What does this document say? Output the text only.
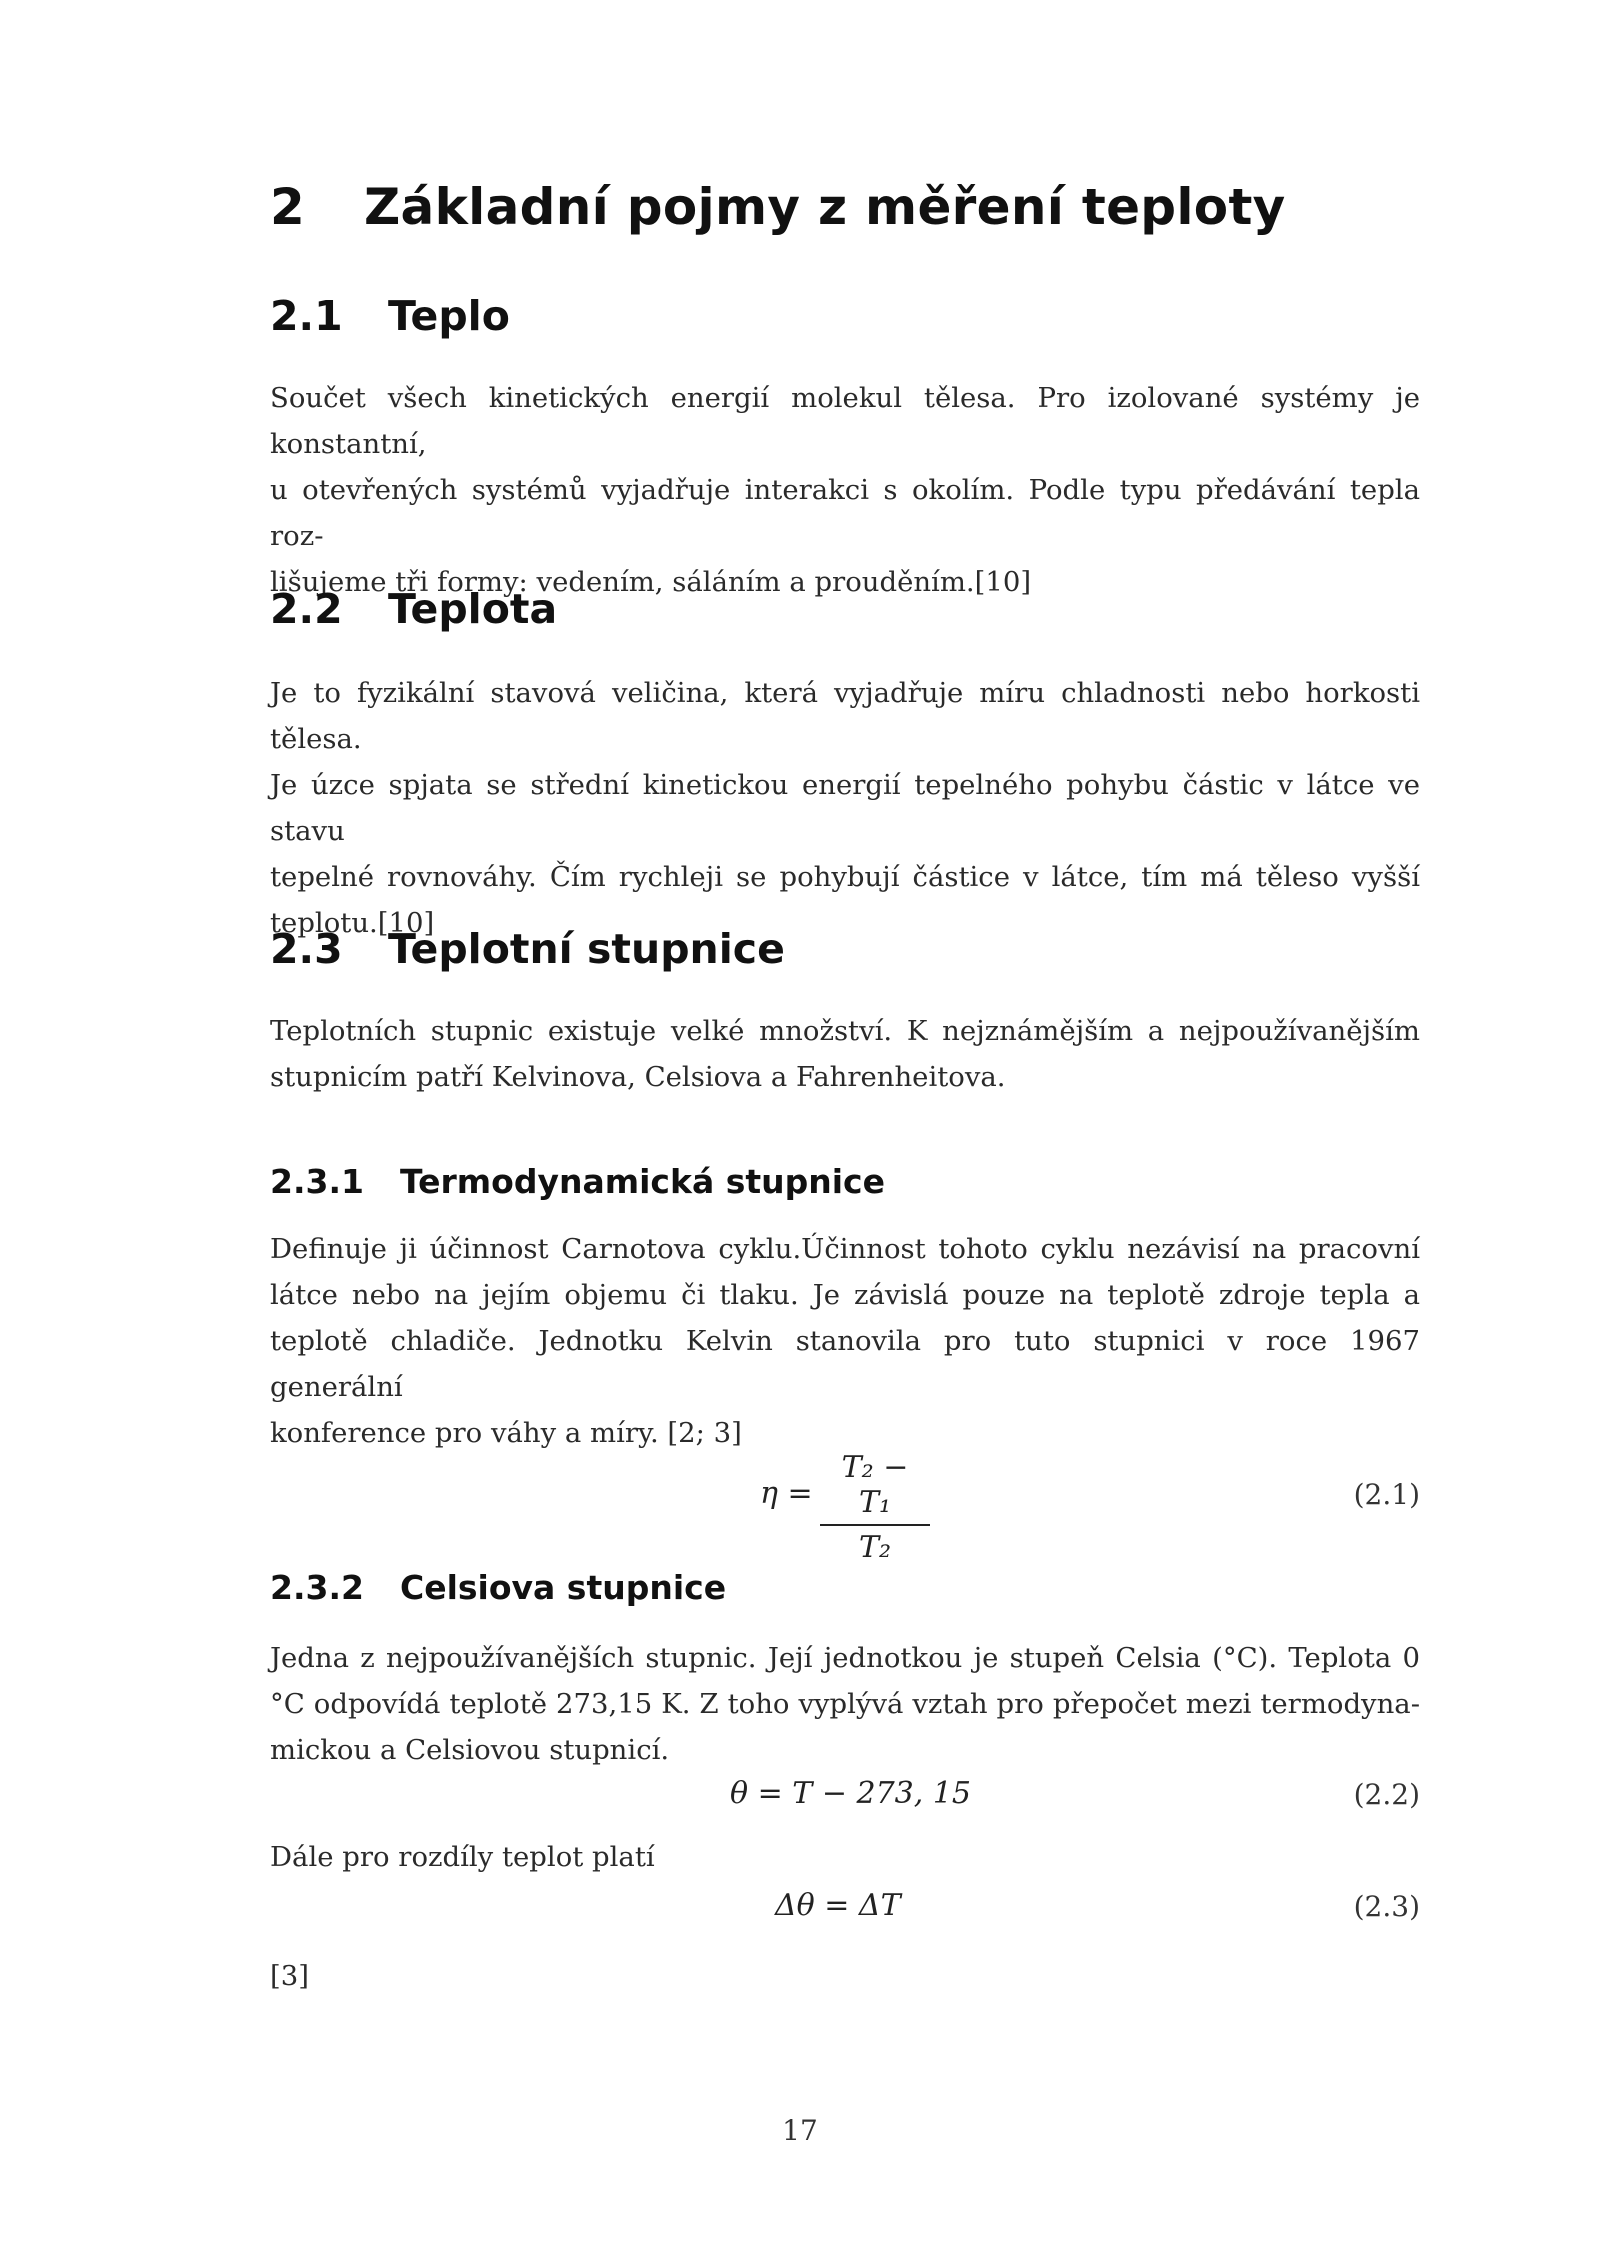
2 Základní pojmy z měření teploty
2.1 Teplo
Součet všech kinetických energií molekul tělesa. Pro izolované systémy je konstantní,
u otevřených systémů vyjadřuje interakci s okolím. Podle typu předávání tepla roz-
lišujeme tři formy: vedením, sáláním a prouděním.[10]
2.2 Teplota
Je to fyzikální stavová veličina, která vyjadřuje míru chladnosti nebo horkosti tělesa.
Je úzce spjata se střední kinetickou energií tepelného pohybu částic v látce ve stavu
tepelné rovnováhy. Čím rychleji se pohybují částice v látce, tím má těleso vyšší
teplotu.[10]
2.3 Teplotní stupnice
Teplotních stupnic existuje velké množství. K nejznámějším a nejpoužívanějším
stupnicím patří Kelvinova, Celsiova a Fahrenheitova.
2.3.1 Termodynamická stupnice
Definuje ji účinnost Carnotova cyklu.Účinnost tohoto cyklu nezávisí na pracovní
látce nebo na jejím objemu či tlaku. Je závislá pouze na teplotě zdroje tepla a
teplotě chladiče. Jednotku Kelvin stanovila pro tuto stupnici v roce 1967 generální
konference pro váhy a míry. [2; 3]
η =
T₂ − T₁
T₂
(2.1)
2.3.2 Celsiova stupnice
Jedna z nejpoužívanějších stupnic. Její jednotkou je stupeň Celsia (°C). Teplota 0
°C odpovídá teplotě 273,15 K. Z toho vyplývá vztah pro přepočet mezi termodyna-
mickou a Celsiovou stupnicí.
θ = T − 273, 15	(2.2)
Dále pro rozdíly teplot platí
Δθ = ΔT	(2.3)
[3]
17
